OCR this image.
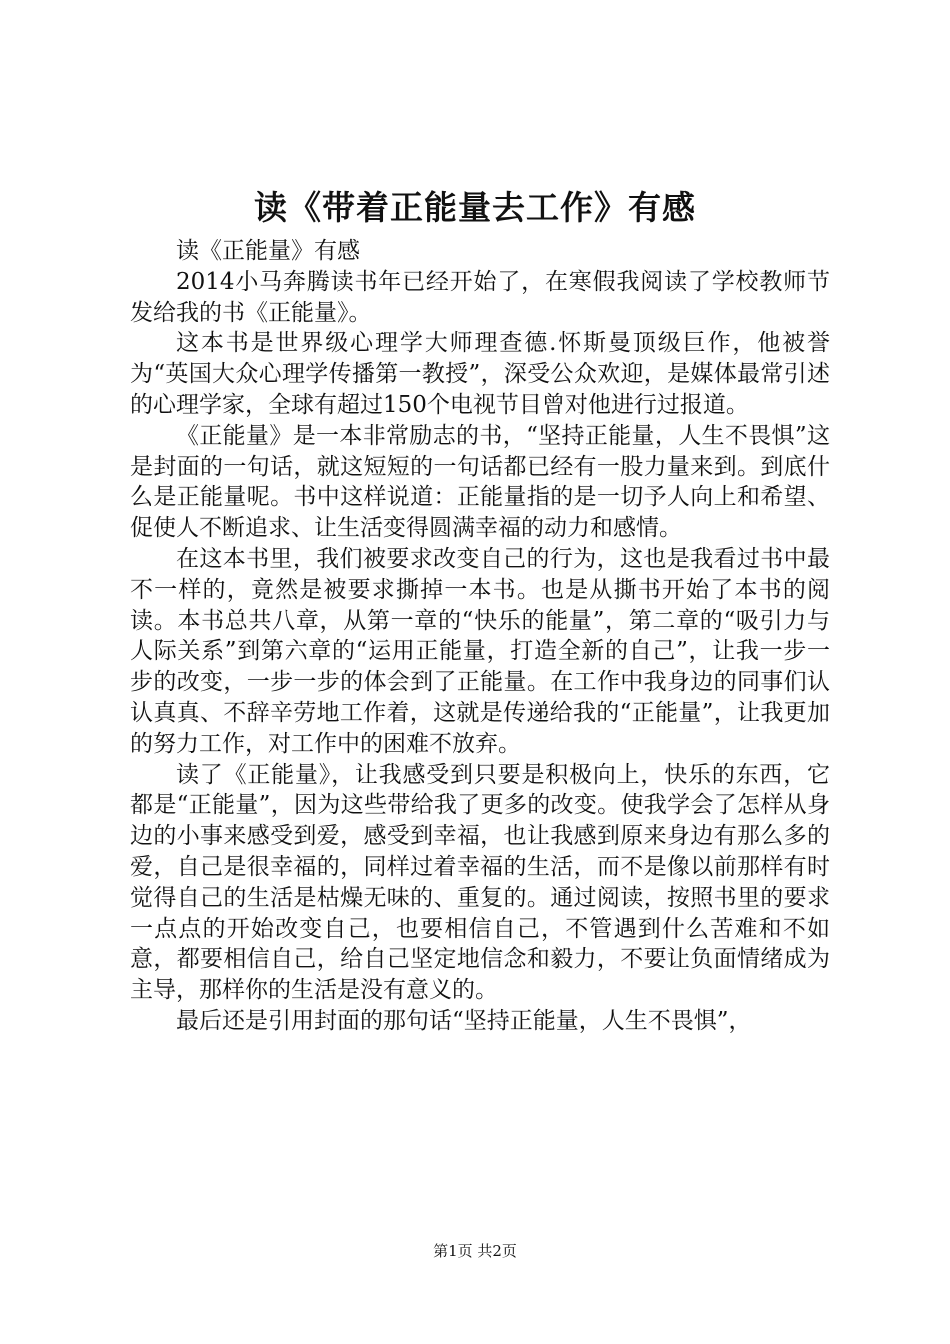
读《带着正能量去工作》有感

读《正能量》有感

2014小马奔腾读书年已经开始了，在寒假我阅读了学校教师节发给我的书《正能量》。

这本书是世界级心理学大师理查德.怀斯曼顶级巨作，他被誉为“英国大众心理学传播第一教授”，深受公众欢迎，是媒体最常引述的心理学家，全球有超过150个电视节目曾对他进行过报道。

《正能量》是一本非常励志的书，“坚持正能量，人生不畏惧”这是封面的一句话，就这短短的一句话都已经有一股力量来到。到底什么是正能量呢。书中这样说道：正能量指的是一切予人向上和希望、促使人不断追求、让生活变得圆满幸福的动力和感情。

在这本书里，我们被要求改变自己的行为，这也是我看过书中最不一样的，竟然是被要求撕掉一本书。也是从撕书开始了本书的阅读。本书总共八章，从第一章的“快乐的能量”，第二章的“吸引力与人际关系”到第六章的“运用正能量，打造全新的自己”，让我一步一步的改变，一步一步的体会到了正能量。在工作中我身边的同事们认认真真、不辞辛劳地工作着，这就是传递给我的“正能量”，让我更加的努力工作，对工作中的困难不放弃。

读了《正能量》，让我感受到只要是积极向上，快乐的东西，它都是“正能量”，因为这些带给我了更多的改变。使我学会了怎样从身边的小事来感受到爱，感受到幸福，也让我感到原来身边有那么多的爱，自己是很幸福的，同样过着幸福的生活，而不是像以前那样有时觉得自己的生活是枯燥无味的、重复的。通过阅读，按照书里的要求一点点的开始改变自己，也要相信自己，不管遇到什么苦难和不如意，都要相信自己，给自己坚定地信念和毅力，不要让负面情绪成为主导，那样你的生活是没有意义的。

最后还是引用封面的那句话“坚持正能量，人生不畏惧”，

第1页 共2页
